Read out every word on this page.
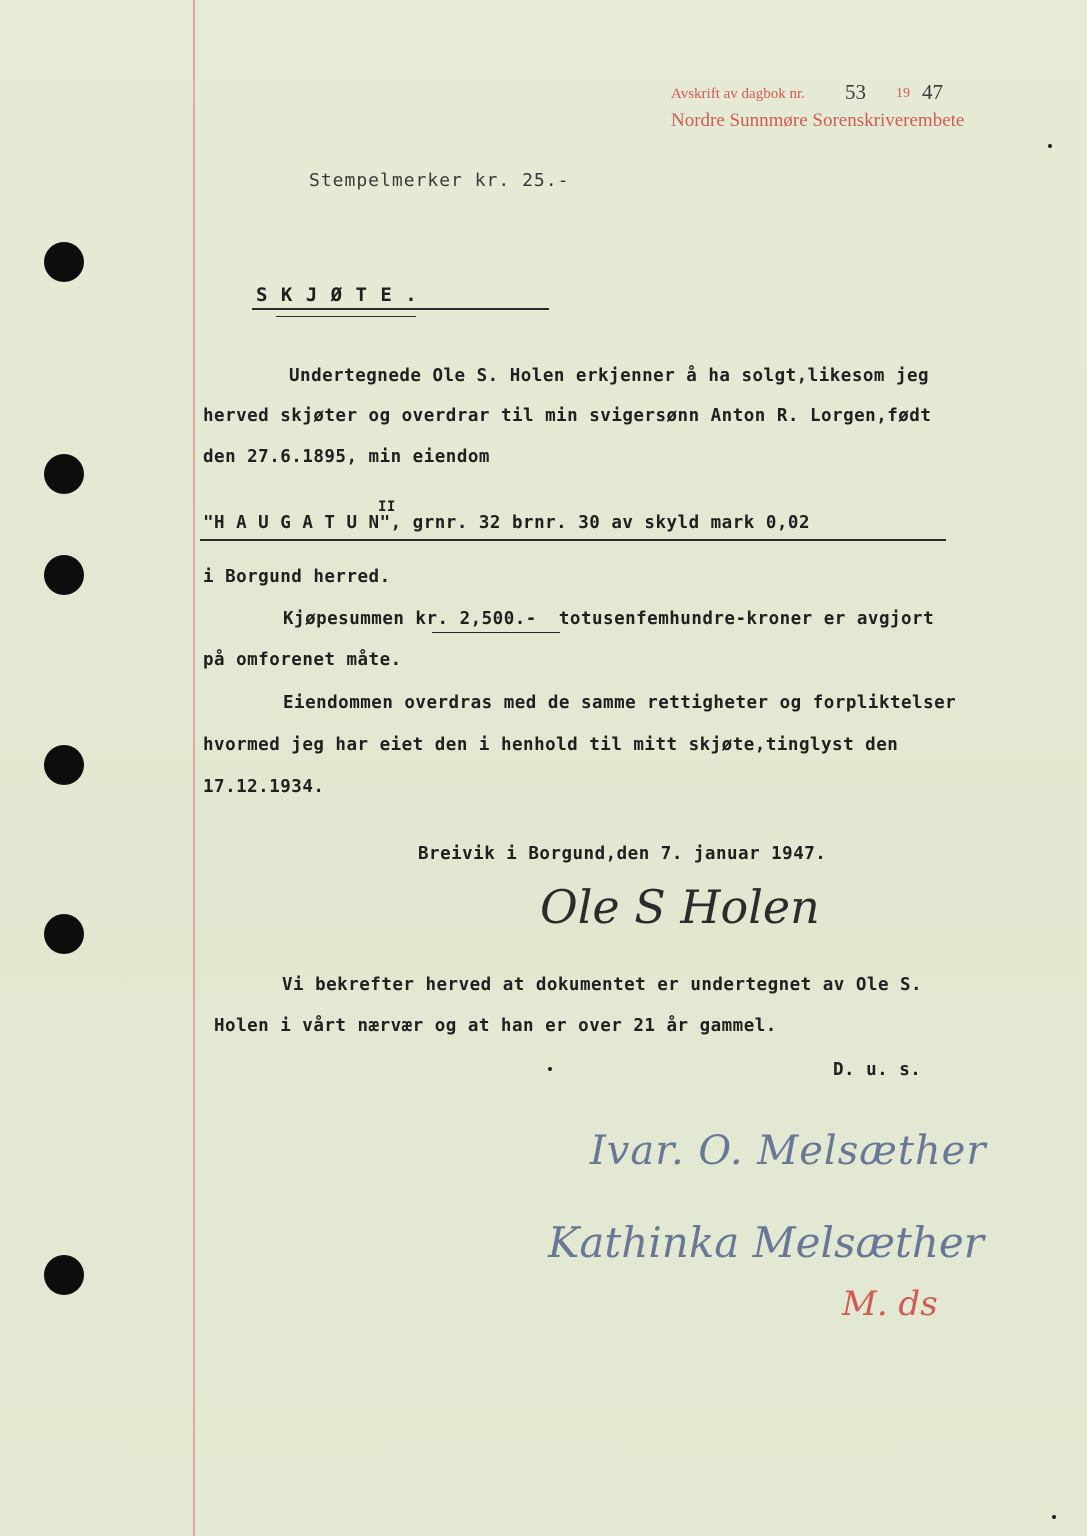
Avskrift av dagbok nr. 53 19 47
Nordre Sunnmøre Sorenskriverembete
Stempelmerker kr. 25.-
S K J Ø T E .
Undertegnede Ole S. Holen erkjenner å ha solgt,likesom jeg
herved skjøter og overdrar til min svigersønn Anton R. Lorgen,født
den 27.6.1895, min eiendom
II
"H A U G A T U N", grnr. 32 brnr. 30 av skyld mark 0,02
i Borgund herred.
Kjøpesummen kr. 2,500.-  totusenfemhundre-kroner er avgjort
på omforenet måte.
Eiendommen overdras med de samme rettigheter og forpliktelser
hvormed jeg har eiet den i henhold til mitt skjøte,tinglyst den
17.12.1934.
Breivik i Borgund,den 7. januar 1947.
Ole S Holen
Vi bekrefter herved at dokumentet er undertegnet av Ole S.
Holen i vårt nærvær og at han er over 21 år gammel.
D. u. s.
Ivar. O. Melsæther
Kathinka Melsæther
M. ds
